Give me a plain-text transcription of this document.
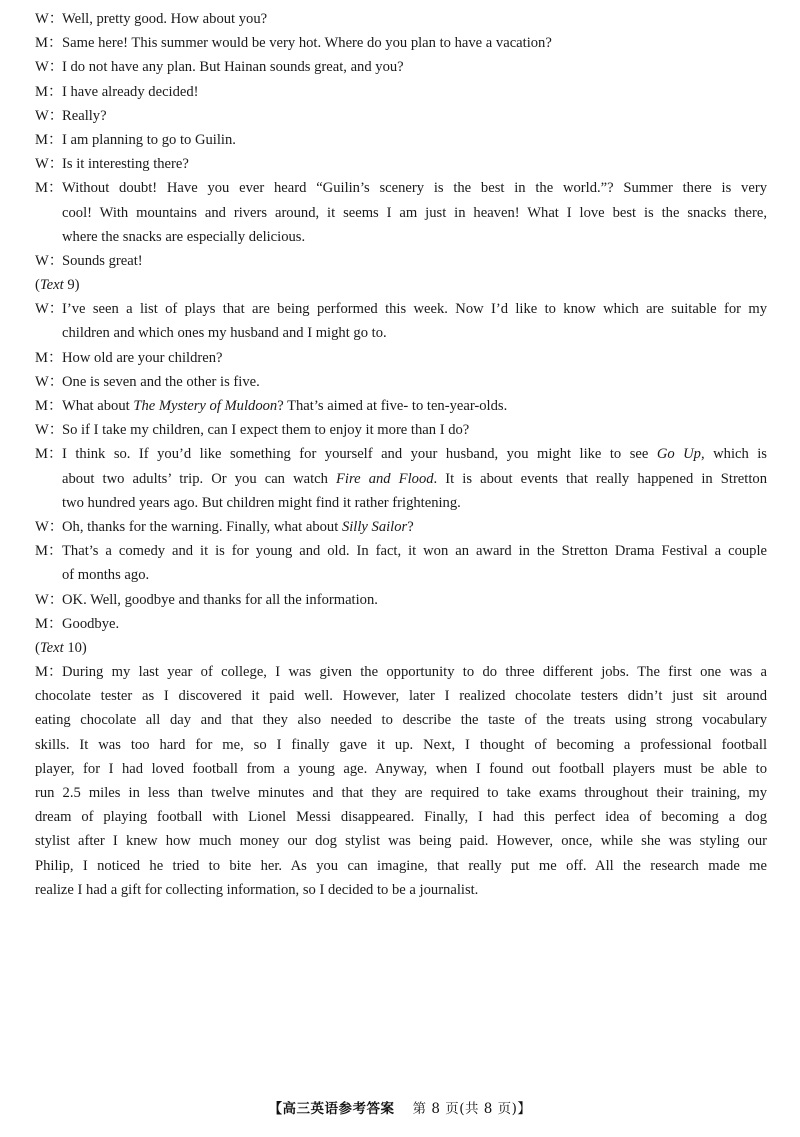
W：Well, pretty good. How about you?
M：Same here! This summer would be very hot. Where do you plan to have a vacation?
W：I do not have any plan. But Hainan sounds great, and you?
M：I have already decided!
W：Really?
M：I am planning to go to Guilin.
W：Is it interesting there?
M：Without doubt! Have you ever heard “Guilin’s scenery is the best in the world.”? Summer there is very
cool! With mountains and rivers around, it seems I am just in heaven! What I love best is the snacks there,
where the snacks are especially delicious.
W：Sounds great!
(Text 9)
W：I’ve seen a list of plays that are being performed this week. Now I’d like to know which are suitable for my
children and which ones my husband and I might go to.
M：How old are your children?
W：One is seven and the other is five.
M：What about The Mystery of Muldoon? That’s aimed at five- to ten-year-olds.
W：So if I take my children, can I expect them to enjoy it more than I do?
M：I think so. If you’d like something for yourself and your husband, you might like to see Go Up, which is
about two adults’ trip. Or you can watch Fire and Flood. It is about events that really happened in Stretton
two hundred years ago. But children might find it rather frightening.
W：Oh, thanks for the warning. Finally, what about Silly Sailor?
M：That’s a comedy and it is for young and old. In fact, it won an award in the Stretton Drama Festival a couple
of months ago.
W：OK. Well, goodbye and thanks for all the information.
M：Goodbye.
(Text 10)
M：During my last year of college, I was given the opportunity to do three different jobs. The first one was a
chocolate tester as I discovered it paid well. However, later I realized chocolate testers didn’t just sit around
eating chocolate all day and that they also needed to describe the taste of the treats using strong vocabulary
skills. It was too hard for me, so I finally gave it up. Next, I thought of becoming a professional football
player, for I had loved football from a young age. Anyway, when I found out football players must be able to
run 2.5 miles in less than twelve minutes and that they are required to take exams throughout their training, my
dream of playing football with Lionel Messi disappeared. Finally, I had this perfect idea of becoming a dog
stylist after I knew how much money our dog stylist was being paid. However, once, while she was styling our
Philip, I noticed he tried to bite her. As you can imagine, that really put me off. All the research made me
realize I had a gift for collecting information, so I decided to be a journalist.
【高三英语参考答案 第 8 页(共 8 页)】
